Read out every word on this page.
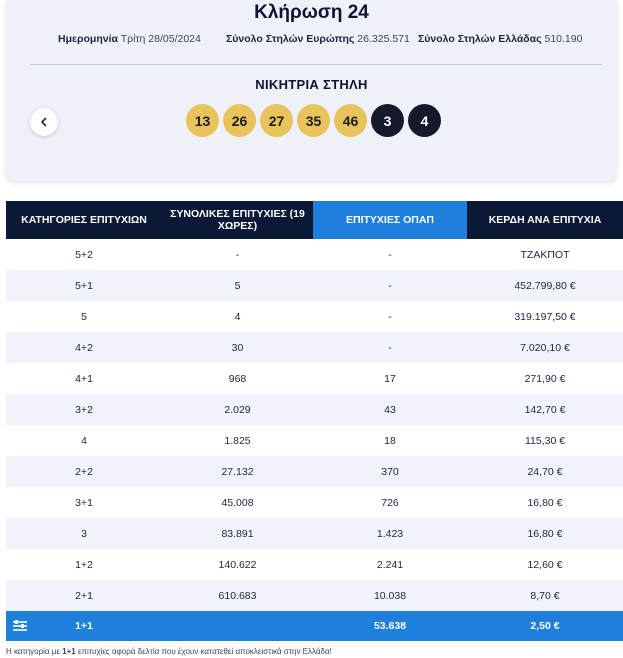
Κλήρωση 24
Ημερομηνία Τρίτη 28/05/2024 Σύνολο Στηλών Ευρώπης 26.325.571 Σύνολο Στηλών Ελλάδας 510.190
ΝΙΚΗΤΡΙΑ ΣΤΗΛΗ
13	26	27	35	46	3	4
ΚΑΤΗΓΟΡΙΕΣ ΕΠΙΤΥΧΙΩΝ	ΣΥΝΟΛΙΚΕΣ ΕΠΙΤΥΧΙΕΣ (19 ΧΩΡΕΣ)	ΕΠΙΤΥΧΙΕΣ ΟΠΑΠ	ΚΕΡΔΗ ΑΝΑ ΕΠΙΤΥΧΙΑ
5+2	-	-	ΤΖΑΚΠΟΤ
5+1	5	-	452.799,80 €
5	4	-	319.197,50 €
4+2	30	-	7.020,10 €
4+1	968	17	271,90 €
3+2	2.029	43	142,70 €
4	1.825	18	115,30 €
2+2	27.132	370	24,70 €
3+1	45.008	726	16,80 €
3	83.891	1.423	16,80 €
1+2	140.622	2.241	12,60 €
2+1	610.683	10.038	8,70 €

1+1		53.638	2,50 €
Η κατηγορία με 1+1 επιτυχίες αφορά δελτία που έχουν κατατεθεί αποκλειστικά στην Ελλάδα!
